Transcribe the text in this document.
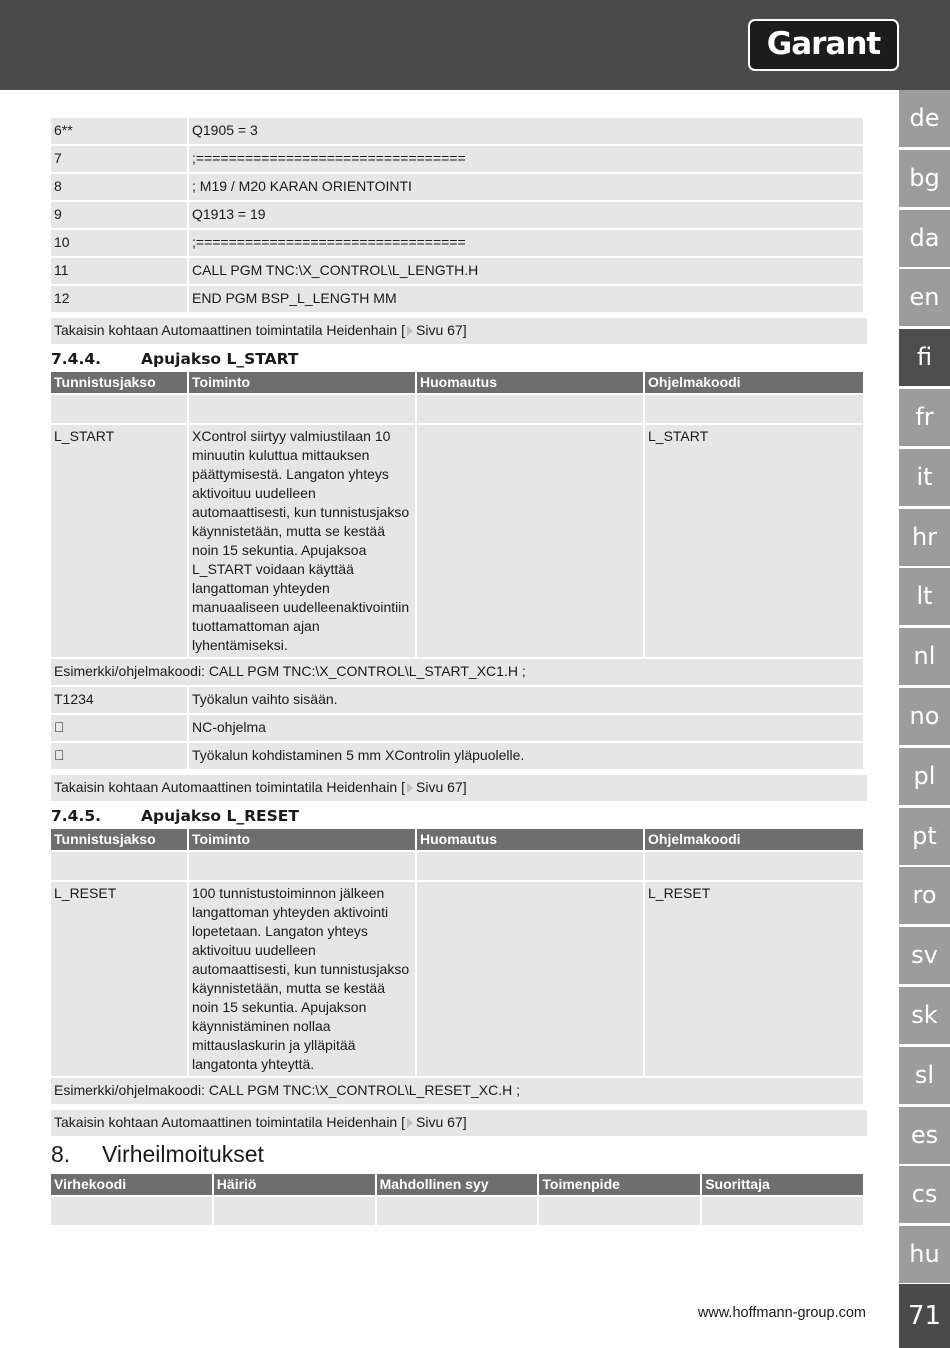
Garant
de
bg
da
en
fi
fr
it
hr
lt
nl
no
pl
pt
ro
sv
sk
sl
es
cs
hu
71
6**	Q1905 = 3
7	;=================================
8	; M19 / M20 KARAN ORIENTOINTI
9	Q1913 = 19
10	;=================================
11	CALL PGM TNC:\X_CONTROL\L_LENGTH.H
12	END PGM BSP_L_LENGTH MM
Takaisin kohtaan Automaattinen toimintatila Heidenhain [ Sivu 67]
7.4.4.	Apujakso L_START
Tunnistusjakso	Toiminto	Huomautus	Ohjelmakoodi

L_START	XControl siirtyy valmiustilaan 10 minuutin kuluttua mittauksen päättymisestä. Langaton yhteys aktivoituu uudelleen automaattisesti, kun tunnistusjakso käynnistetään, mutta se kestää noin 15 sekuntia. Apujaksoa L_START voidaan käyttää langattoman yhteyden manuaaliseen uudelleenaktivointiin tuottamattoman ajan lyhentämiseksi.		L_START
Esimerkki/ohjelmakoodi: CALL PGM TNC:\X_CONTROL\L_START_XC1.H ;			
T1234	Työkalun vaihto sisään.
 	NC-ohjelma
 	Työkalun kohdistaminen 5 mm XControlin yläpuolelle.
Takaisin kohtaan Automaattinen toimintatila Heidenhain [ Sivu 67]
7.4.5.	Apujakso L_RESET
Tunnistusjakso	Toiminto	Huomautus	Ohjelmakoodi

L_RESET	100 tunnistustoiminnon jälkeen langattoman yhteyden aktivointi lopetetaan. Langaton yhteys aktivoituu uudelleen automaattisesti, kun tunnistusjakso käynnistetään, mutta se kestää noin 15 sekuntia. Apujakson käynnistäminen nollaa mittauslaskurin ja ylläpitää langatonta yhteyttä.		L_RESET
Esimerkki/ohjelmakoodi: CALL PGM TNC:\X_CONTROL\L_RESET_XC.H ;			
Takaisin kohtaan Automaattinen toimintatila Heidenhain [ Sivu 67]
8. Virheilmoitukset
Virhekoodi	Häiriö	Mahdollinen syy	Toimenpide	Suorittaja

www.hoffmann-group.com
